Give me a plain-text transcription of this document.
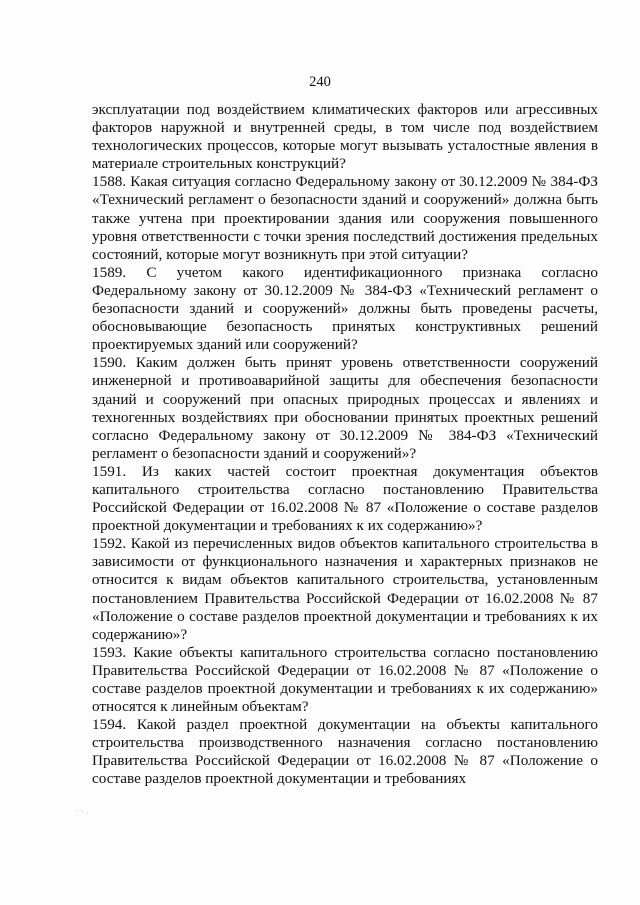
240

эксплуатации под воздействием климатических факторов или агрессивных факторов наружной и внутренней среды, в том числе под воздействием технологических процессов, которые могут вызывать усталостные явления в материале строительных конструкций?

1588. Какая ситуация согласно Федеральному закону от 30.12.2009 № 384-ФЗ «Технический регламент о безопасности зданий и сооружений» должна быть также учтена при проектировании здания или сооружения повышенного уровня ответственности с точки зрения последствий достижения предельных состояний, которые могут возникнуть при этой ситуации?

1589. С учетом какого идентификационного признака согласно Федеральному закону от 30.12.2009 № 384-ФЗ «Технический регламент о безопасности зданий и сооружений» должны быть проведены расчеты, обосновывающие безопасность принятых конструктивных решений проектируемых зданий или сооружений?

1590. Каким должен быть принят уровень ответственности сооружений инженерной и противоаварийной защиты для обеспечения безопасности зданий и сооружений при опасных природных процессах и явлениях и техногенных воздействиях при обосновании принятых проектных решений согласно Федеральному закону от 30.12.2009 № 384-ФЗ «Технический регламент о безопасности зданий и сооружений»?

1591. Из каких частей состоит проектная документация объектов капитального строительства согласно постановлению Правительства Российской Федерации от 16.02.2008 № 87 «Положение о составе разделов проектной документации и требованиях к их содержанию»?

1592. Какой из перечисленных видов объектов капитального строительства в зависимости от функционального назначения и характерных признаков не относится к видам объектов капитального строительства, установленным постановлением Правительства Российской Федерации от 16.02.2008 № 87 «Положение о составе разделов проектной документации и требованиях к их содержанию»?

1593. Какие объекты капитального строительства согласно постановлению Правительства Российской Федерации от 16.02.2008 № 87 «Положение о составе разделов проектной документации и требованиях к их содержанию» относятся к линейным объектам?

1594. Какой раздел проектной документации на объекты капитального строительства производственного назначения согласно постановлению Правительства Российской Федерации от 16.02.2008 № 87 «Положение о составе разделов проектной документации и требованиях

˙·.
